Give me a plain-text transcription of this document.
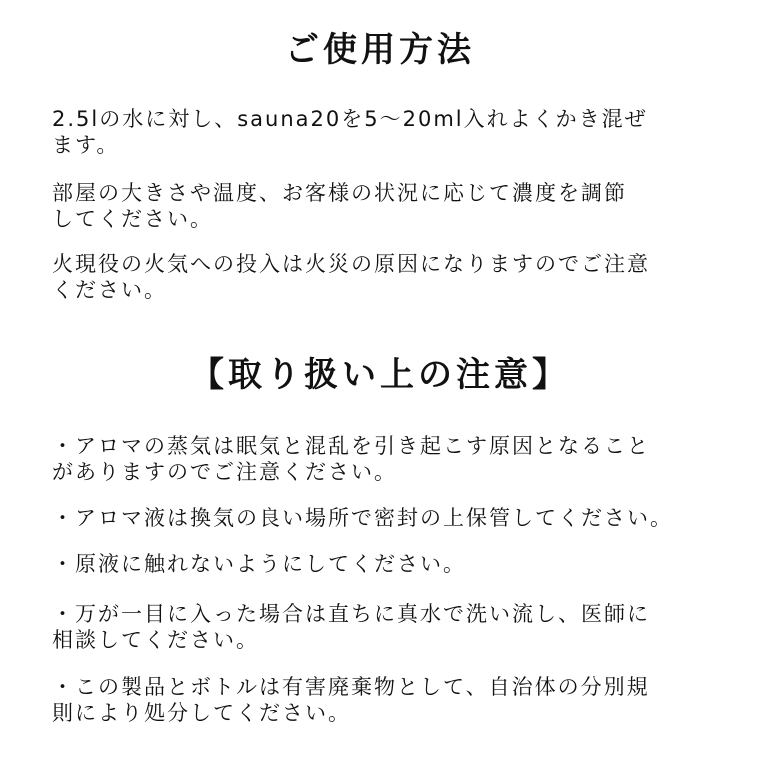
ご使用方法

2.5lの水に対し、sauna20を5～20ml入れよくかき混ぜ
ます。

部屋の大きさや温度、お客様の状況に応じて濃度を調節
してください。

火現役の火気への投入は火災の原因になりますのでご注意
ください。

【取り扱い上の注意】

・アロマの蒸気は眠気と混乱を引き起こす原因となること
がありますのでご注意ください。

・アロマ液は換気の良い場所で密封の上保管してください。

・原液に触れないようにしてください。

・万が一目に入った場合は直ちに真水で洗い流し、医師に
相談してください。

・この製品とボトルは有害廃棄物として、自治体の分別規
則により処分してください。
